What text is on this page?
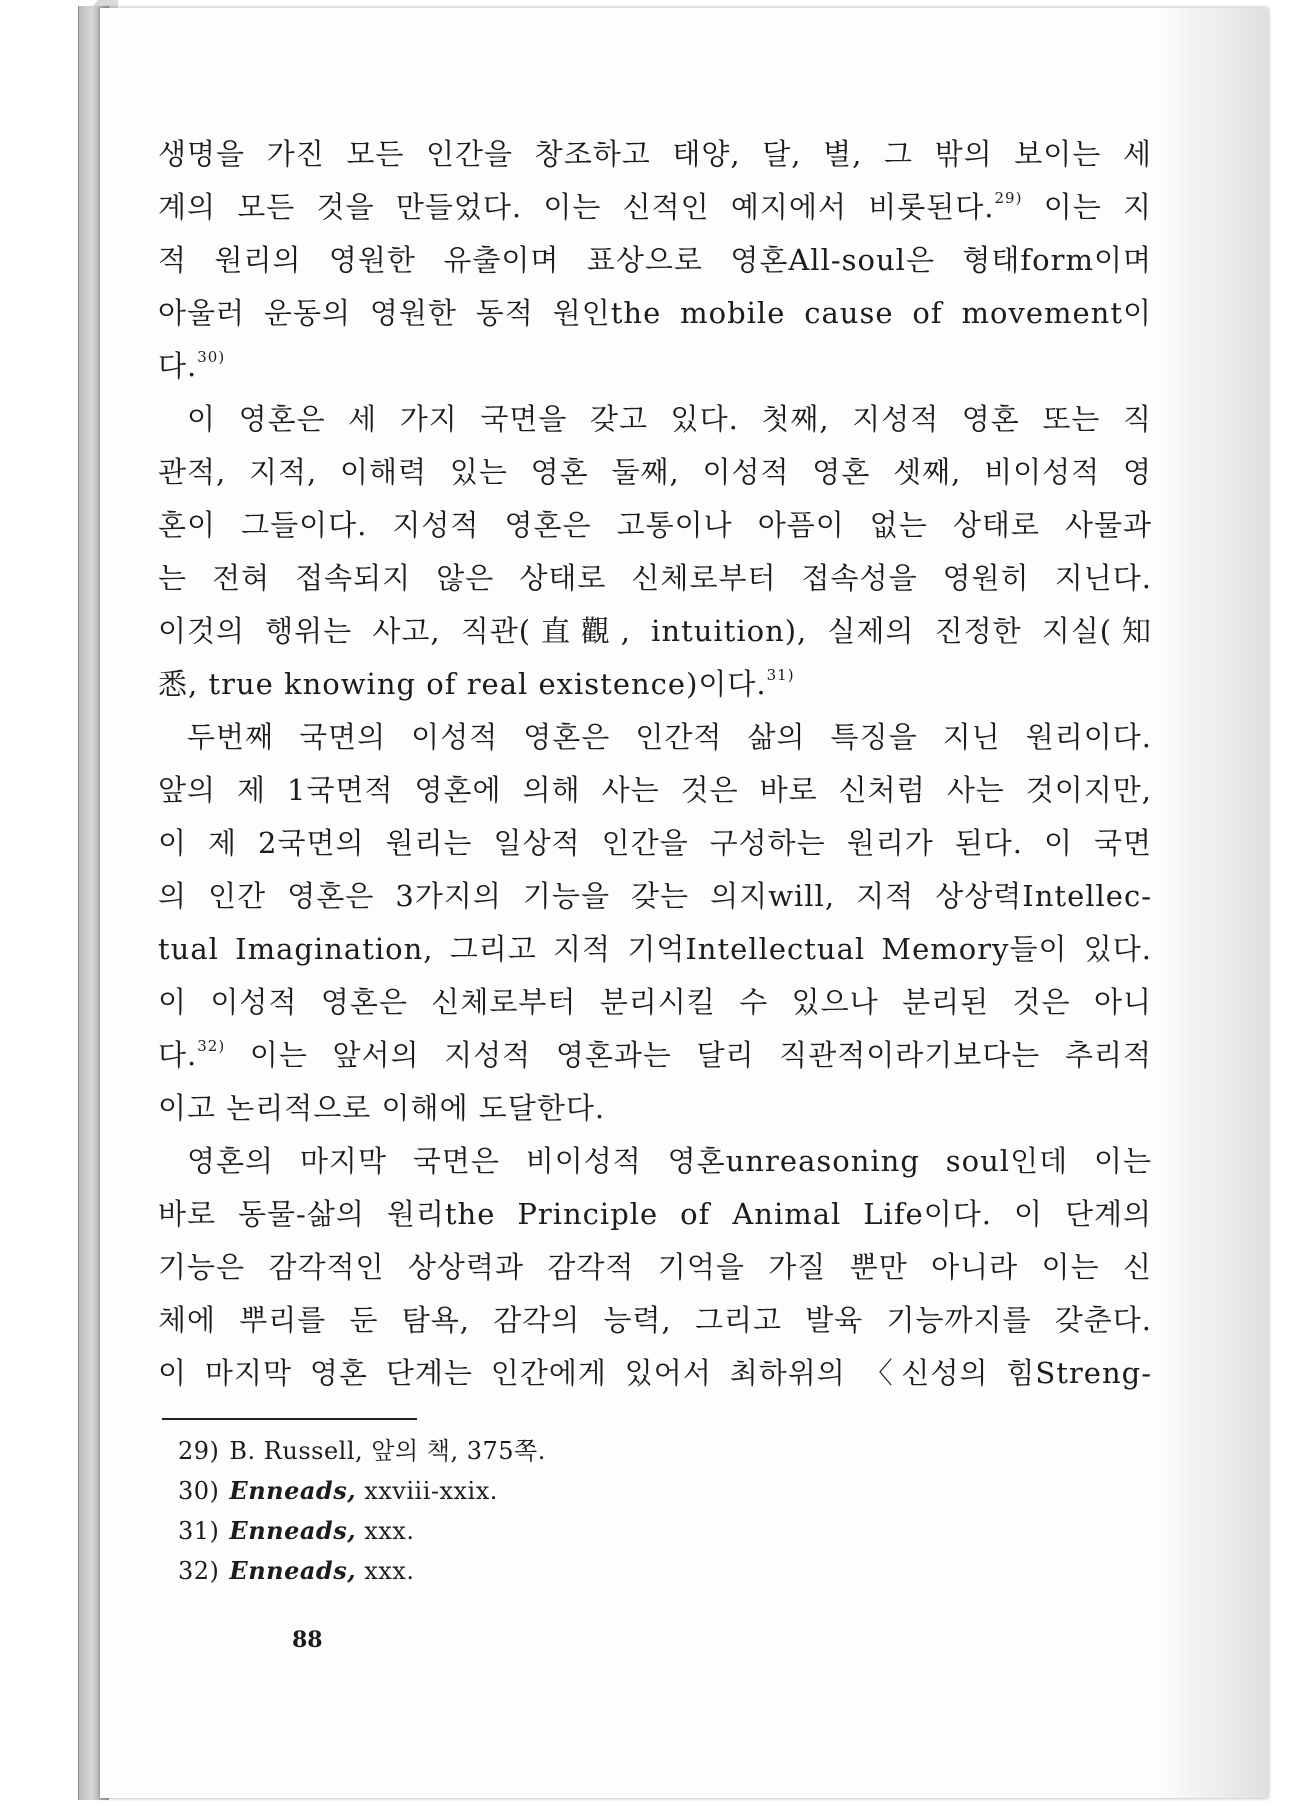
생명을 가진 모든 인간을 창조하고 태양, 달, 별, 그 밖의 보이는 세
계의 모든 것을 만들었다. 이는 신적인 예지에서 비롯된다.$^{29)}$ 이는 지
적 원리의 영원한 유출이며 표상으로 영혼All-soul은 형태form이며
아울러 운동의 영원한 동적 원인the mobile cause of movement이
다.$^{30)}$

이 영혼은 세 가지 국면을 갖고 있다. 첫째, 지성적 영혼 또는 직
관적, 지적, 이해력 있는 영혼 둘째, 이성적 영혼 셋째, 비이성적 영
혼이 그들이다. 지성적 영혼은 고통이나 아픔이 없는 상태로 사물과
는 전혀 접속되지 않은 상태로 신체로부터 접속성을 영원히 지닌다.
이것의 행위는 사고, 직관(直觀, intuition), 실제의 진정한 지실(知
悉, true knowing of real existence)이다.$^{31)}$

두번째 국면의 이성적 영혼은 인간적 삶의 특징을 지닌 원리이다.
앞의 제 1국면적 영혼에 의해 사는 것은 바로 신처럼 사는 것이지만,
이 제 2국면의 원리는 일상적 인간을 구성하는 원리가 된다. 이 국면
의 인간 영혼은 3가지의 기능을 갖는 의지will, 지적 상상력Intellec-
tual Imagination, 그리고 지적 기억Intellectual Memory들이 있다.
이 이성적 영혼은 신체로부터 분리시킬 수 있으나 분리된 것은 아니
다.$^{32)}$ 이는 앞서의 지성적 영혼과는 달리 직관적이라기보다는 추리적
이고 논리적으로 이해에 도달한다.

영혼의 마지막 국면은 비이성적 영혼unreasoning soul인데 이는
바로 동물-삶의 원리the Principle of Animal Life이다. 이 단계의
기능은 감각적인 상상력과 감각적 기억을 가질 뿐만 아니라 이는 신
체에 뿌리를 둔 탐욕, 감각의 능력, 그리고 발육 기능까지를 갖춘다.
이 마지막 영혼 단계는 인간에게 있어서 최하위의 〈신성의 힘Streng-

29) B. Russell, 앞의 책, 375쪽.

30) Enneads, xxviii-xxix.

31) Enneads, xxx.

32) Enneads, xxx.

88
